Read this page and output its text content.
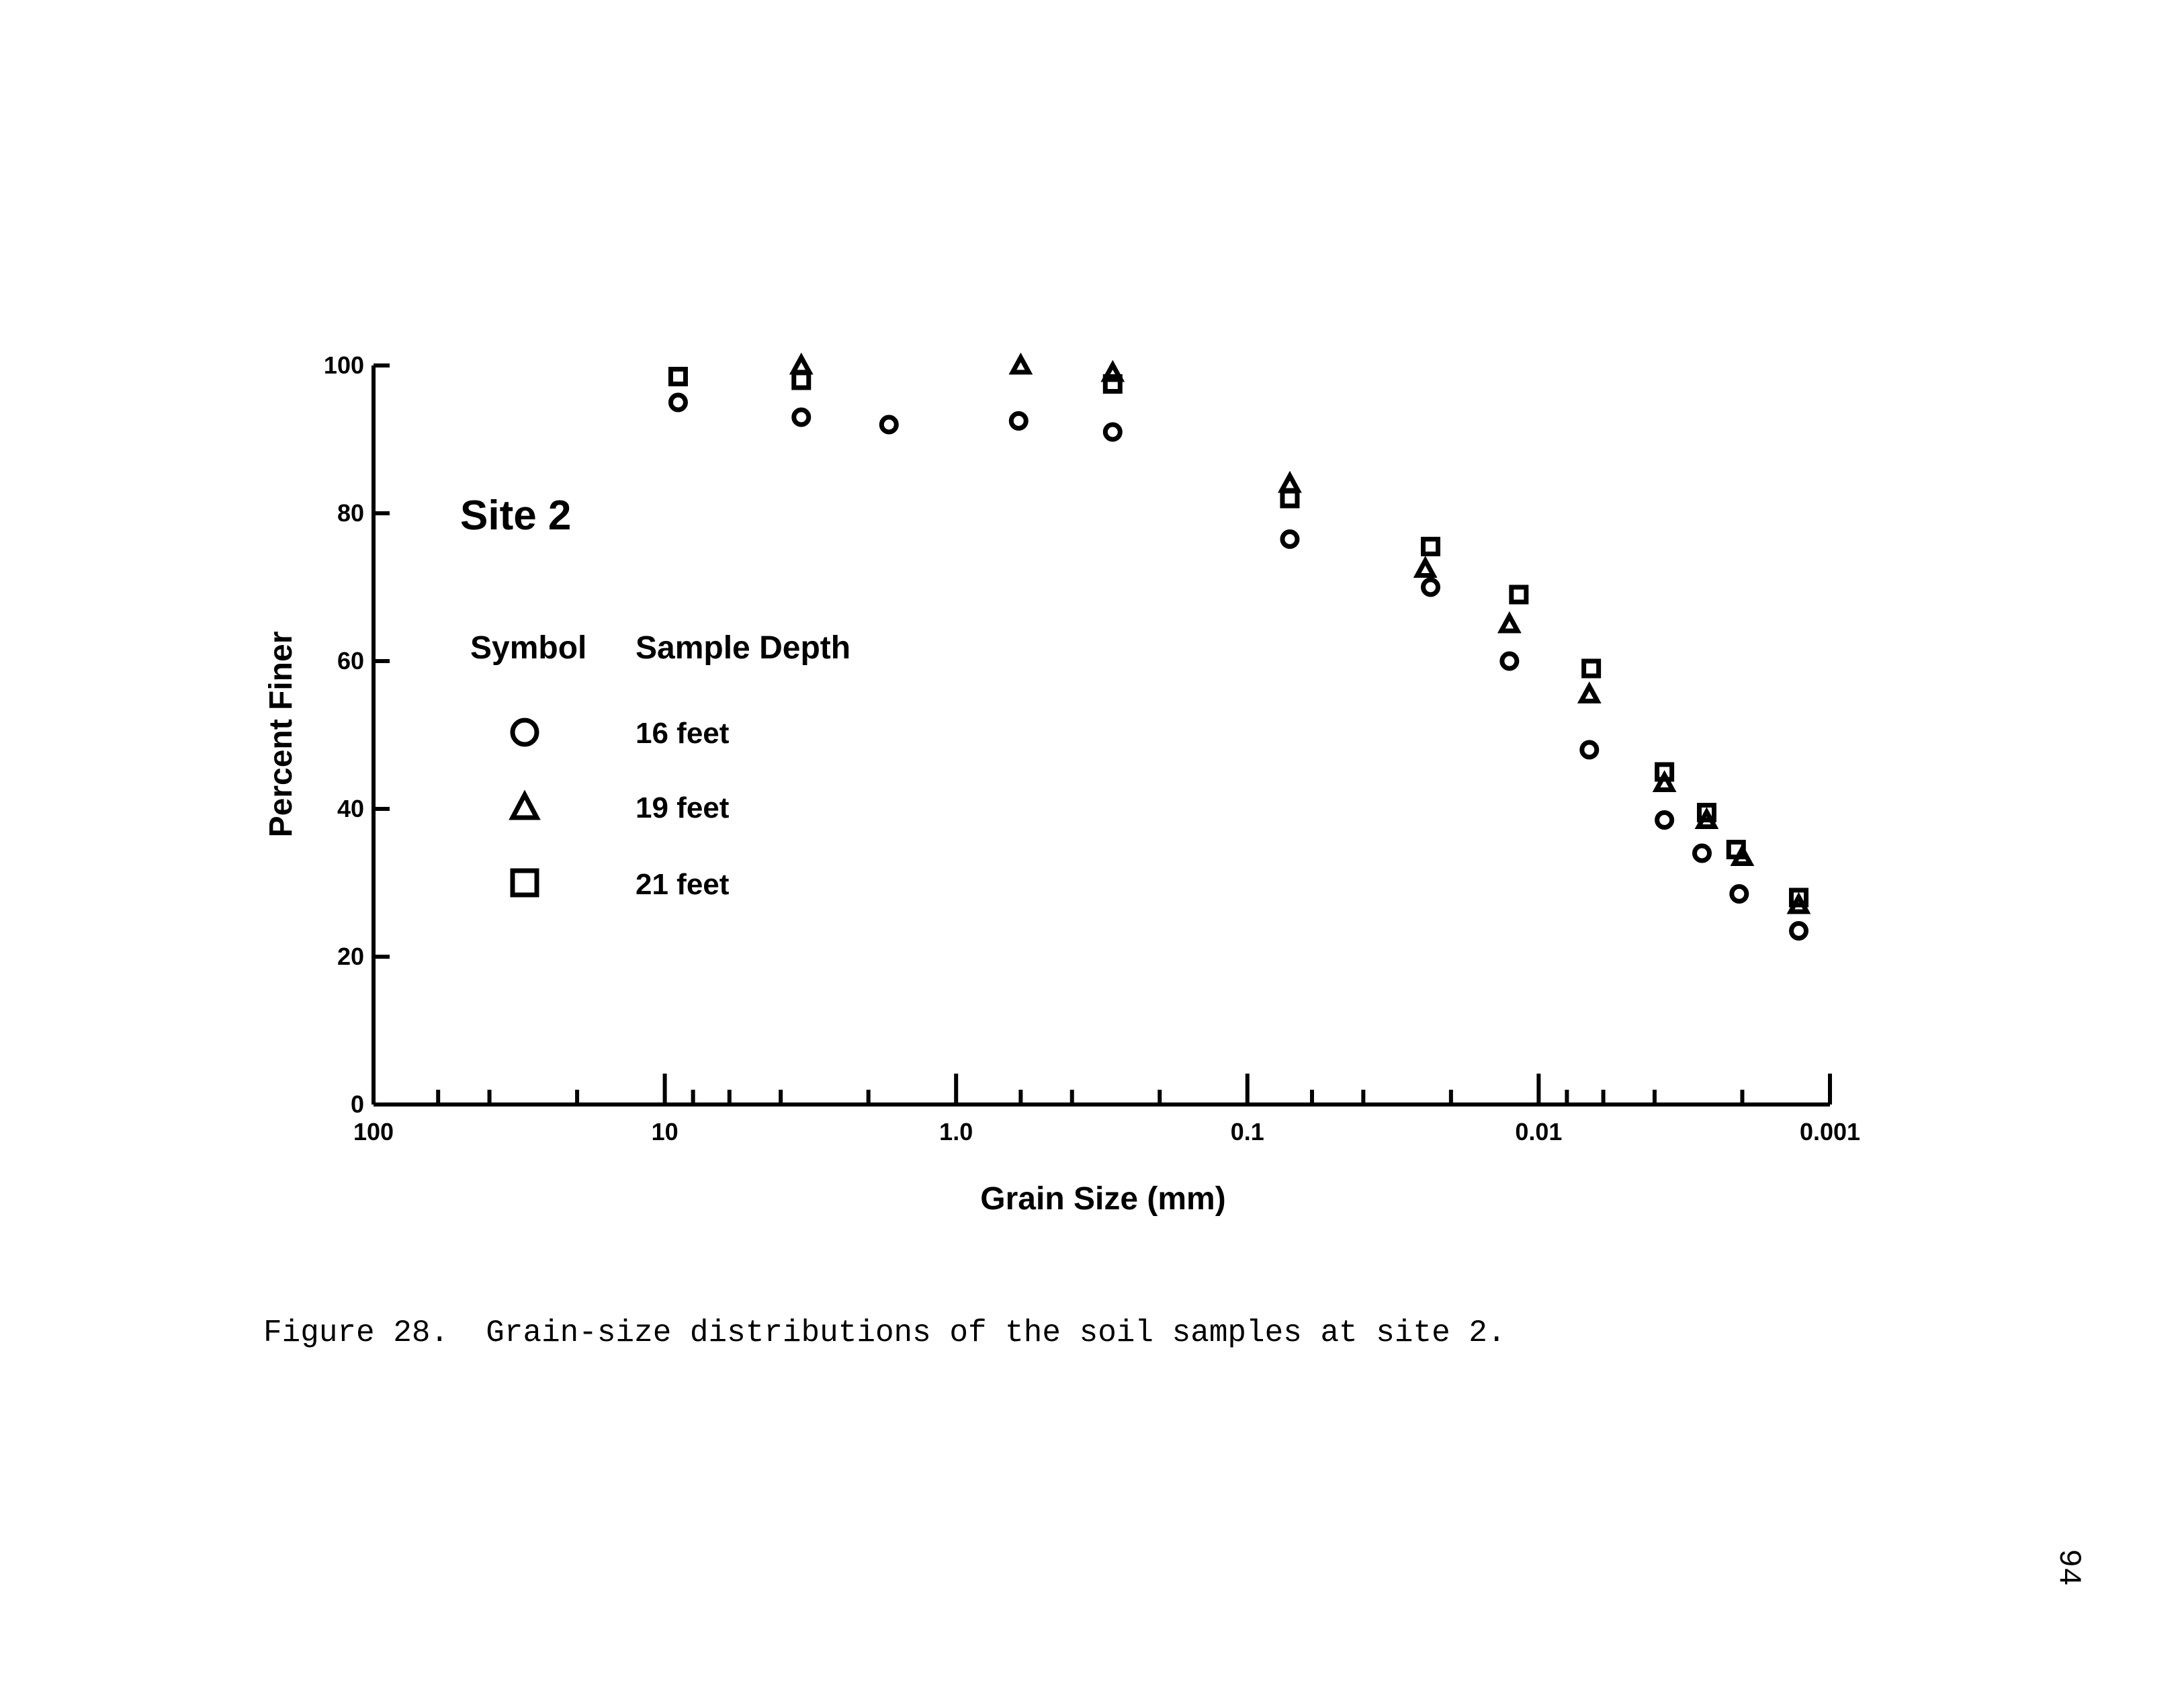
100	10	1.0	0.1	0.01	0.001
0
20
40
60
80
100
Site 2
Grain Size (mm)
Percent Finer	Symbol Sample Depth
16 feet
19 feet
21 feet
Figure 28.  Grain-size distributions of the soil samples at site 2.
94
